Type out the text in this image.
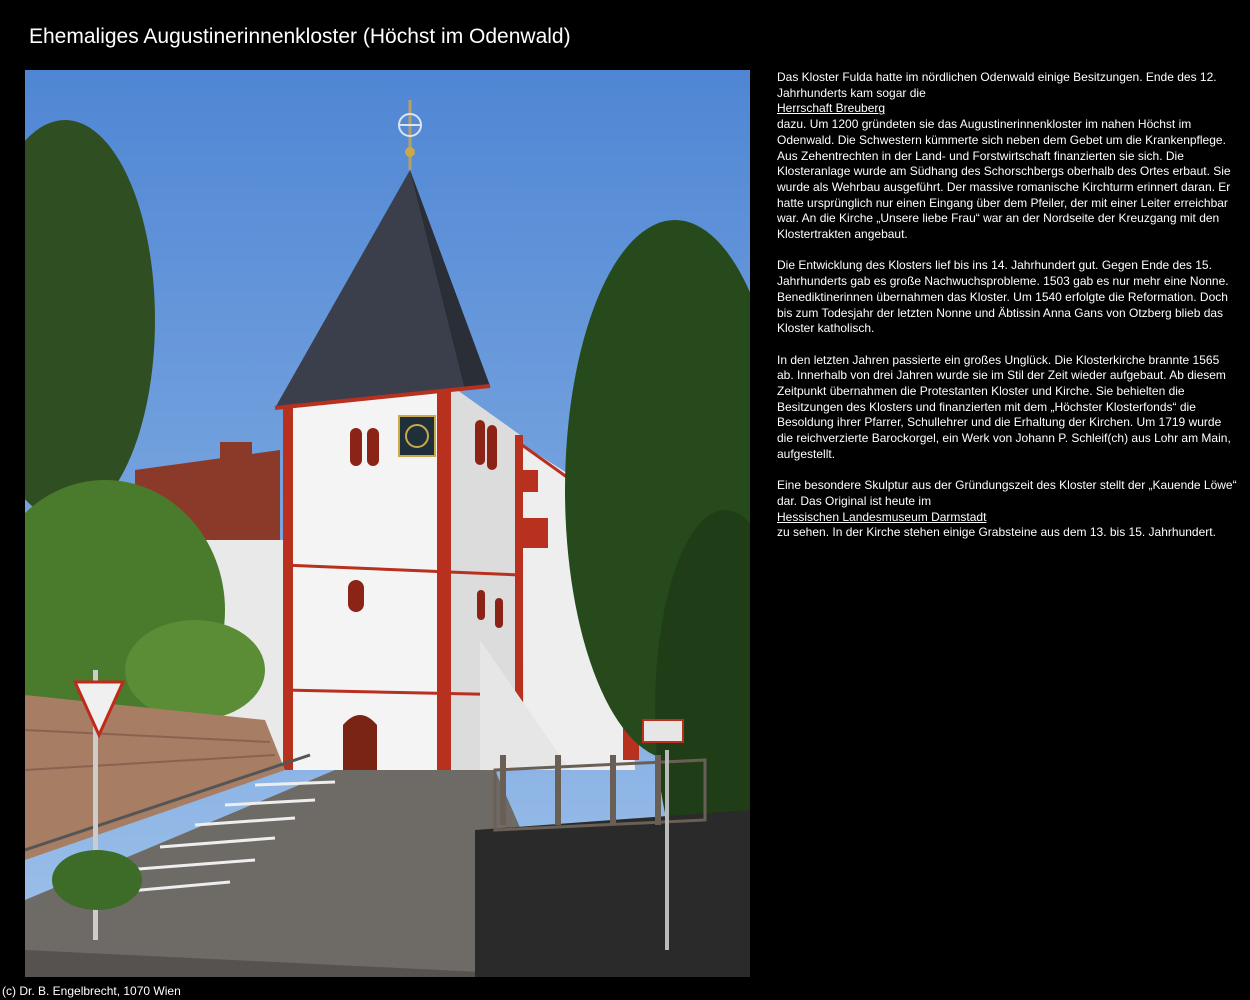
Ehemaliges Augustinerinnenkloster (Höchst im Odenwald)

Das Kloster Fulda hatte im nördlichen Odenwald einige Besitzungen. Ende des 12. Jahrhunderts kam sogar die
Herrschaft Breuberg
dazu. Um 1200 gründeten sie das Augustinerinnenkloster im nahen Höchst im Odenwald. Die Schwestern kümmerte sich neben dem Gebet um die Krankenpflege. Aus Zehentrechten in der Land- und Forstwirtschaft finanzierten sie sich. Die Klosteranlage wurde am Südhang des Schorschbergs oberhalb des Ortes erbaut. Sie wurde als Wehrbau ausgeführt. Der massive romanische Kirchturm erinnert daran. Er hatte ursprünglich nur einen Eingang über dem Pfeiler, der mit einer Leiter erreichbar war. An die Kirche „Unsere liebe Frau“ war an der Nordseite der Kreuzgang mit den Klostertrakten angebaut.

Die Entwicklung des Klosters lief bis ins 14. Jahrhundert gut. Gegen Ende des 15. Jahrhunderts gab es große Nachwuchsprobleme. 1503 gab es nur mehr eine Nonne. Benediktinerinnen übernahmen das Kloster. Um 1540 erfolgte die Reformation. Doch bis zum Todesjahr der letzten Nonne und Äbtissin Anna Gans von Otzberg blieb das Kloster katholisch.

In den letzten Jahren passierte ein großes Unglück. Die Klosterkirche brannte 1565 ab. Innerhalb von drei Jahren wurde sie im Stil der Zeit wieder aufgebaut. Ab diesem Zeitpunkt übernahmen die Protestanten Kloster und Kirche. Sie behielten die Besitzungen des Klosters und finanzierten mit dem „Höchster Klosterfonds“ die Besoldung ihrer Pfarrer, Schullehrer und die Erhaltung der Kirchen. Um 1719 wurde die reichverzierte Barockorgel, ein Werk von Johann P. Schleif(ch) aus Lohr am Main, aufgestellt.

Eine besondere Skulptur aus der Gründungszeit des Kloster stellt der „Kauende Löwe“ dar. Das Original ist heute im
Hessischen Landesmuseum Darmstadt
zu sehen. In der Kirche stehen einige Grabsteine aus dem 13. bis 15. Jahrhundert.

(c) Dr. B. Engelbrecht, 1070 Wien
